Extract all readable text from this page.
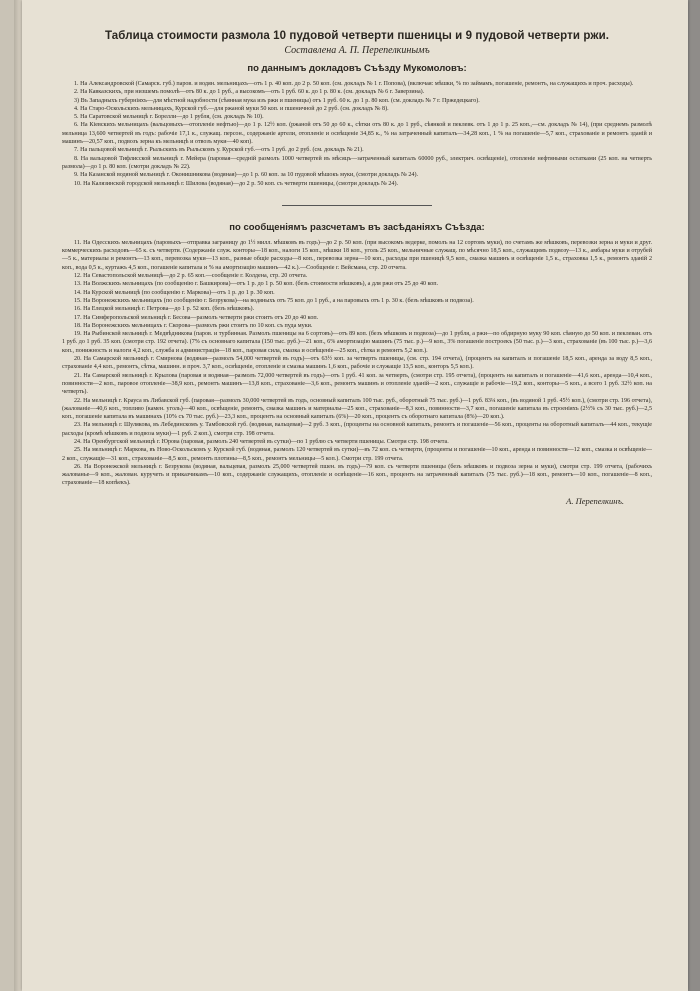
Таблица стоимости размола 10 пудовой четверти пшеницы и 9 пудовой четверти ржи.

Составлена А. П. Перепелкинымъ

по даннымъ докладовъ Съѣзду Мукомоловъ:

1. На Александровской (Самарск. губ.) паров. и водян. мельницахъ—отъ 1 р. 40 коп. до 2 р. 50 коп. (см. докладъ № 1 г. Попова), (включая: мѣшки, % по займамъ, погашеніе, ремонтъ, на служащихъ и проч. расходы).

2. На Кавказскихъ, при низшемъ помолѣ—отъ 80 к. до 1 руб., а высокомъ—отъ 1 руб. 60 к. до 1 р. 80 к. (см. докладъ № 6 г. Заверзина).

3) Въ Западныхъ губерніяхъ—для мѣстной надобности (сѣянная мука изъ ржи и пшеницы) отъ 1 руб. 60 к. до 1 р. 80 коп. (см. докладъ № 7 г. Пржедецкаго).

4. На Старо-Оскольскихъ мельницахъ, Курской губ.—для ржаной муки 50 коп. и пшеничной до 2 руб. (см. докладъ № 8).

5. На Саратовской мельницѣ г. Борелли—до 1 рубля, (см. докладъ № 10).

6. На Кіевскихъ мельницахъ (вальцовыхъ—отопленіе нефтью)—до 1 р. 12½ коп. (ржаной отъ 50 до 60 к., сѣтки отъ 80 к. до 1 руб., сѣянкой и пеклевк. отъ 1 до 1 р. 25 коп.,—см. докладъ № 14), (при среднемъ размолѣ мельница 13,600 четвертей въ годъ: рабочіе 17,1 к., служащ. персон., содержаніе артели, отопленіе и освѣщеніе 34,85 к., % на затраченный капиталъ—34,28 коп., 1 % на погашеніе—5,7 коп., страхованіе и ремонтъ зданій и машинъ—20,57 коп., подвозъ зерна къ мельницѣ и отвозъ муки—40 коп).

7. На пальцовой мельницѣ г. Рыльскихъ въ Рыльскомъ у. Курской губ.—отъ 1 руб. до 2 руб. (см. докладъ № 21).

8. На вальцовой Тифлисской мельницѣ г. Мейера (паровая—средній размолъ 1000 четвертей въ мѣсяцъ—затраченный капиталъ 60000 руб., электрич. освѣщеніе), отопленіе нефтяными остатками (25 коп. на четверть размола)—до 1 р. 80 коп. (смотри докладъ № 22).

9. На Казанской водяной мельницѣ г. Оконишникова (водяная)—до 1 р. 60 коп. за 10 пудовой мѣшокъ муки, (смотри докладъ № 24).

10. На Калязинской городской мельницѣ г. Шилова (водяная)—до 2 р. 50 коп. съ четверти пшеницы, (смотри докладъ № 24).

по сообщеніямъ разсчетамъ въ засѣданіяхъ Съѣзда:

11. На Одесскихъ мельницахъ (паровыхъ—отправка заграницу до 1½ милл. мѣшковъ въ годъ)—до 2 р. 50 коп. (при высокомъ ведерке, помолъ на 12 сортовъ муки), по счетамъ же мѣшковъ, перевозки зерна и муки и друг. коммерческихъ расходовъ—65 к. съ четверти. (Содержаніе служ. конторы—18 коп., налоги 15 коп., мѣшки 18 коп., уголь 25 коп., мельничные служащ. по мѣсячно 18,5 коп., служащимъ подвозу—13 к., амбары муки и отрубей—5 к., материалы и ремонтъ—13 коп., перевозка муки—13 коп., разные общіе расходы—8 коп., перевозка зерна—10 коп., расходы при пшеницѣ 9,5 коп., смазка машинъ и освѣщеніе 1,5 к., страховка 1,5 к., ремонтъ зданій 2 коп., вода 0,5 к., куртажъ 4,5 коп., погашеніе капитала и % на амортизацію машинъ—42 к.).—Сообщеніе г. Вейсмана, стр. 20 отчета.

12. На Севастопольской мельницѣ—до 2 р. 65 коп.—сообщеніе г. Колдена, стр. 20 отчета.

13. На Волжскихъ мельницахъ (по сообщенію г. Башкирова)—отъ 1 р. до 1 р. 50 коп. (безъ стоимости мѣшковъ), а для ржи отъ 25 до 40 коп.

14. На Курской мельницѣ (по сообщенію г. Маркова)—отъ 1 р. до 1 р. 30 коп.

15. На Воронежскихъ мельницахъ (по сообщенію г. Безрукова)—на водяныхъ отъ 75 коп. до 1 руб., а на паровыхъ отъ 1 р. 30 к. (безъ мѣшковъ и подвоза).

16. На Елецкой мельницѣ г. Петрова—до 1 р. 52 коп. (безъ мѣшковъ).

17. На Симферопольской мельницѣ г. Бесова—размолъ четверти ржи стоитъ отъ 20 до 40 коп.

18. На Воронежскихъ мельницахъ г. Скорова—размолъ ржи стоитъ по 10 коп. съ пуда муки.

19. На Рыбинской мельницѣ г. Медвѣдникова (паров. и турбинная. Размолъ пшеницы на 6 сортовъ)—отъ 89 коп. (безъ мѣшковъ и подвоза)—до 1 рубля, а ржи—по обдирную муку 90 коп. сѣяную до 50 коп. и пеклеван. отъ 1 руб. до 1 руб. 35 коп. (смотри стр. 192 отчета). (7% съ основнаго капитала (150 тыс. руб.)—21 коп., 6% амортизацію машинъ (75 тыс. р.)—9 коп., 3% погашеніе построекъ (50 тыс. р.)—3 коп., страхованіе (въ 100 тыс. р.)—3,6 коп., понижность и налоги 4,2 коп., служба и администрація—18 коп., паровая сила, смазка и освѣщеніе—25 коп., сѣтка и ремонтъ 5,2 коп.).

20. На Самарской мельницѣ г. Смирнова (водяная—размолъ 54,000 четвертей въ годъ)—отъ 63½ коп. за четвертъ пшеницы, (см. стр. 194 отчета), (процентъ на капиталъ и погашеніе 18,5 коп., аренда за воду 8,5 коп., страхованіе 4,4 коп., ремонтъ, сѣтка, машинн. и проч. 3,7 коп., освѣщеніе, отопленіе и смазка машинъ 1,6 коп., рабочіе и служащіе 13,5 коп., конторъ 5,5 коп.).

21. На Самарской мельницѣ г. Крылова (паровая и водяная—размолъ 72,000 четвертей въ годъ)—отъ 1 руб. 41 коп. за четверть, (смотри стр. 195 отчета), (процентъ на капиталъ и погашеніе—41,6 коп., аренда—10,4 коп., повинности—2 коп., паровое отопленіе—38,9 коп., ремонтъ машинъ—13,8 коп., страхованіе—3,6 коп., ремонтъ машинъ и отопленіе зданій—2 коп., служащіе и рабочіе—19,2 коп., конторы—5 коп., а всего 1 руб. 32½ коп. на четверть).

22. На мельницѣ г. Крауса въ Либавской губ. (паровая—размолъ 30,000 четвертей въ годъ, основный капиталъ 100 тыс. руб., оборотный 75 тыс. руб.)—1 руб. 83¼ коп., (въ водяной 1 руб. 45½ коп.), (смотри стр. 196 отчета), (жалованіе—40,6 коп., топливо (камен. уголь)—40 коп., освѣщеніе, ремонтъ, смазка машинъ и материалы—25 коп., страхованіе—8,3 коп., повинности—3,7 коп., погашеніе капитала въ строеніяхъ (2½% съ 30 тыс. руб.)—2,5 коп., погашеніе капитала въ машинахъ (10% съ 70 тыс. руб.)—23,3 коп., процентъ на основный капиталъ (6%)—20 коп., процентъ съ оборотнаго капитала (8%)—20 коп.).

23. На мельницѣ г. Шулякова, въ Лебединскомъ у. Тамбовской губ. (водяная, вальцевая)—2 руб. 3 коп., (проценты на основной капиталъ, ремонтъ и погашеніе—56 коп., проценты на оборотный капиталъ—44 коп., текущіе расходы (кромѣ мѣшковъ и подвоза муки)—1 руб. 2 коп.), смотри стр. 198 отчета.

24. На Оренбургской мельницѣ г. Юрова (паровая, размолъ 240 четвертей въ сутки)—по 1 рублю съ четверти пшеницы. Смотри стр. 198 отчета.

25. На мельницѣ г. Маркова, въ Ново-Оскольскомъ у. Курской губ. (водяная, размолъ 120 четвертей въ сутки)—въ 72 коп. съ четверти, (проценты и погашеніе—10 коп., аренда и повинности—12 коп., смазка и освѣщеніе—2 коп., служащіе—31 коп., страхованіе—8,5 коп., ремонтъ плотины—8,5 коп., ремонтъ мельницы—5 коп.). Смотри стр. 199 отчета.

26. На Воронежской мельницѣ г. Безрукова (водяная, вальцевая, размолъ 25,000 четвертей пшен. въ годъ)—79 коп. съ четверти пшеницы (безъ мѣшковъ и подвоза зерна и муки), смотри стр. 199 отчета, (рабочихъ жалованье—9 коп., жалован. куручеть и приказчикамъ—10 коп., содержаніе служащихъ, отопленіе и освѣщеніе—16 коп., процентъ на затраченный капиталъ (75 тыс. руб.)—18 коп., ремонтъ—10 коп., погашеніе—8 коп., страхованіе—18 копѣекъ).

А. Перепелкинъ.
